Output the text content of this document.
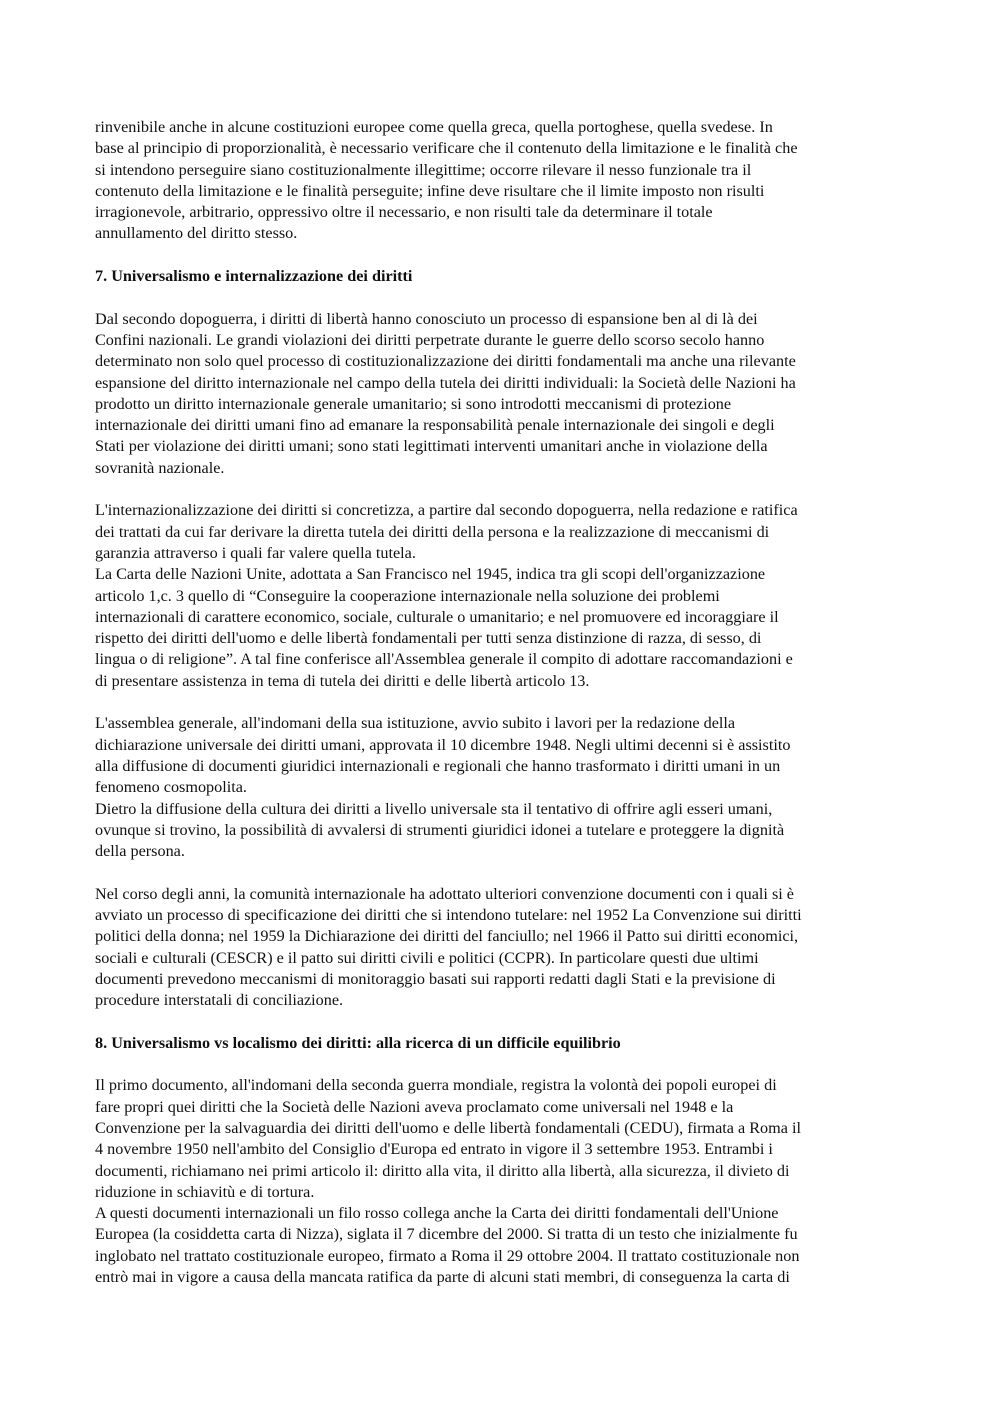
rinvenibile anche in alcune costituzioni europee come quella greca, quella portoghese, quella svedese. In

base al principio di proporzionalità, è necessario verificare che il contenuto della limitazione e le finalità che

si intendono perseguire siano costituzionalmente illegittime; occorre rilevare il nesso funzionale tra il

contenuto della limitazione e le finalità perseguite; infine deve risultare che il limite imposto non risulti

irragionevole, arbitrario, oppressivo oltre il necessario, e non risulti tale da determinare il totale

annullamento del diritto stesso.

7. Universalismo e internalizzazione dei diritti

Dal secondo dopoguerra, i diritti di libertà hanno conosciuto un processo di espansione ben al di là dei

Confini nazionali. Le grandi violazioni dei diritti perpetrate durante le guerre dello scorso secolo hanno

determinato non solo quel processo di costituzionalizzazione dei diritti fondamentali ma anche una rilevante

espansione del diritto internazionale nel campo della tutela dei diritti individuali: la Società delle Nazioni ha

prodotto un diritto internazionale generale umanitario; si sono introdotti meccanismi di protezione

internazionale dei diritti umani fino ad emanare la responsabilità penale internazionale dei singoli e degli

Stati per violazione dei diritti umani; sono stati legittimati interventi umanitari anche in violazione della

sovranità nazionale.

L'internazionalizzazione dei diritti si concretizza, a partire dal secondo dopoguerra, nella redazione e ratifica

dei trattati da cui far derivare la diretta tutela dei diritti della persona e la realizzazione di meccanismi di

garanzia attraverso i quali far valere quella tutela.

La Carta delle Nazioni Unite, adottata a San Francisco nel 1945, indica tra gli scopi dell'organizzazione

articolo 1,c. 3 quello di “Conseguire la cooperazione internazionale nella soluzione dei problemi

internazionali di carattere economico, sociale, culturale o umanitario; e nel promuovere ed incoraggiare il

rispetto dei diritti dell'uomo e delle libertà fondamentali per tutti senza distinzione di razza, di sesso, di

lingua o di religione”. A tal fine conferisce all'Assemblea generale il compito di adottare raccomandazioni e

di presentare assistenza in tema di tutela dei diritti e delle libertà articolo 13.

L'assemblea generale, all'indomani della sua istituzione, avvio subito i lavori per la redazione della

dichiarazione universale dei diritti umani, approvata il 10 dicembre 1948. Negli ultimi decenni si è assistito

alla diffusione di documenti giuridici internazionali e regionali che hanno trasformato i diritti umani in un

fenomeno cosmopolita.

Dietro la diffusione della cultura dei diritti a livello universale sta il tentativo di offrire agli esseri umani,

ovunque si trovino, la possibilità di avvalersi di strumenti giuridici idonei a tutelare e proteggere la dignità

della persona.

Nel corso degli anni, la comunità internazionale ha adottato ulteriori convenzione documenti con i quali si è

avviato un processo di specificazione dei diritti che si intendono tutelare: nel 1952 La Convenzione sui diritti

politici della donna; nel 1959 la Dichiarazione dei diritti del fanciullo; nel 1966 il Patto sui diritti economici,

sociali e culturali (CESCR) e il patto sui diritti civili e politici (CCPR). In particolare questi due ultimi

documenti prevedono meccanismi di monitoraggio basati sui rapporti redatti dagli Stati e la previsione di

procedure interstatali di conciliazione.

8. Universalismo vs localismo dei diritti: alla ricerca di un difficile equilibrio

Il primo documento, all'indomani della seconda guerra mondiale, registra la volontà dei popoli europei di

fare propri quei diritti che la Società delle Nazioni aveva proclamato come universali nel 1948 e la

Convenzione per la salvaguardia dei diritti dell'uomo e delle libertà fondamentali (CEDU), firmata a Roma il

4 novembre 1950 nell'ambito del Consiglio d'Europa ed entrato in vigore il 3 settembre 1953. Entrambi i

documenti, richiamano nei primi articolo il: diritto alla vita, il diritto alla libertà, alla sicurezza, il divieto di

riduzione in schiavitù e di tortura.

A questi documenti internazionali un filo rosso collega anche la Carta dei diritti fondamentali dell'Unione

Europea (la cosiddetta carta di Nizza), siglata il 7 dicembre del 2000. Si tratta di un testo che inizialmente fu

inglobato nel trattato costituzionale europeo, firmato a Roma il 29 ottobre 2004. Il trattato costituzionale non

entrò mai in vigore a causa della mancata ratifica da parte di alcuni stati membri, di conseguenza la carta di
